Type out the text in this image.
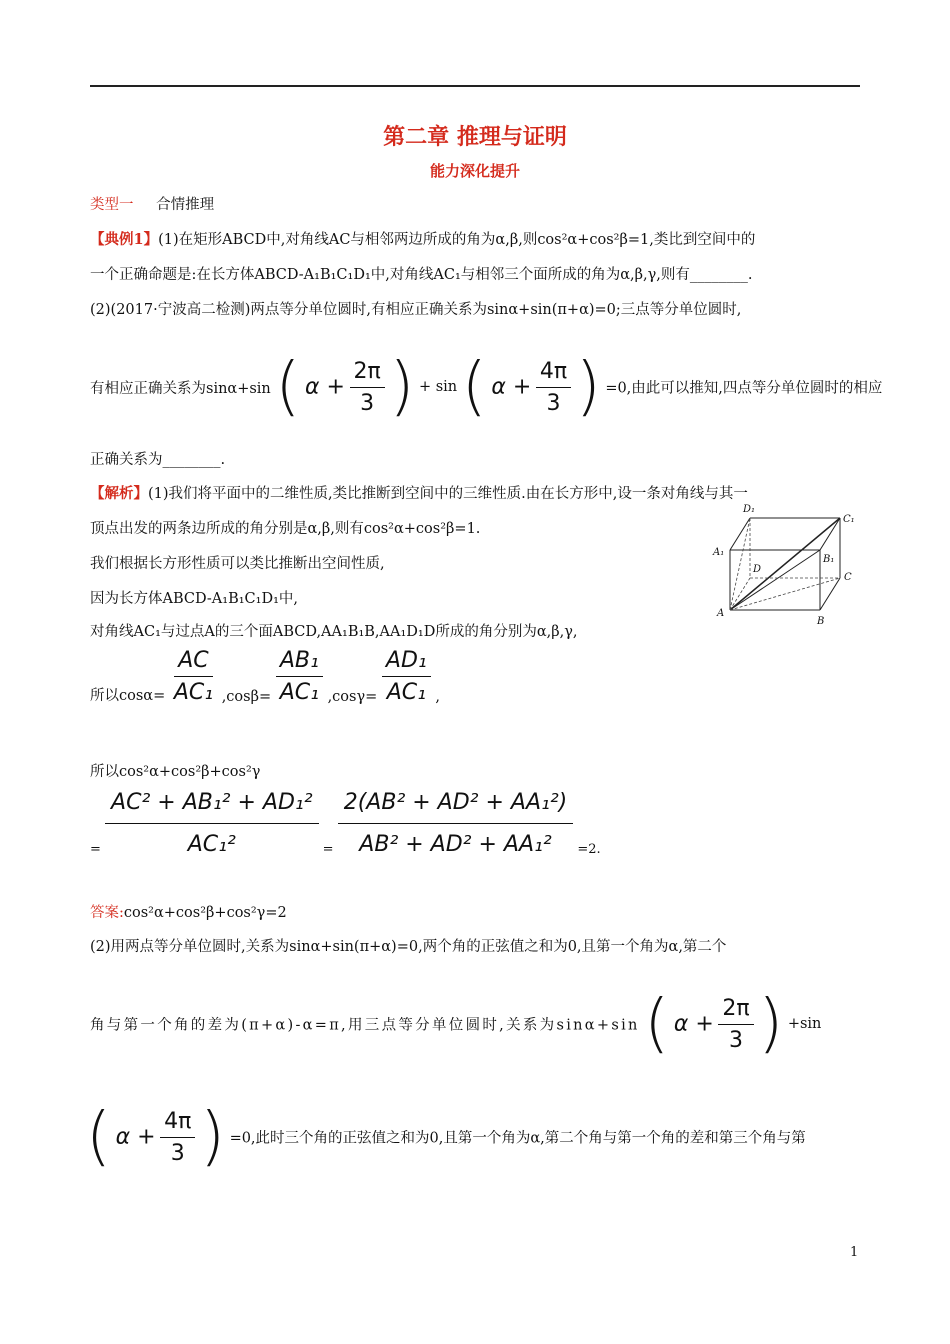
第二章 推理与证明
能力深化提升
类型一 合情推理
【典例1】(1)在矩形ABCD中,对角线AC与相邻两边所成的角为α,β,则cos²α+cos²β=1,类比到空间中的
一个正确命题是:在长方体ABCD-A₁B₁C₁D₁中,对角线AC₁与相邻三个面所成的角为α,β,γ,则有________.
(2)(2017·宁波高二检测)两点等分单位圆时,有相应正确关系为sinα+sin(π+α)=0;三点等分单位圆时,
有相应正确关系为sinα+sin ( $\alpha + \frac{2\pi}{3}$ ) + sin ( $\alpha + \frac{4\pi}{3}$ ) =0,由此可以推知,四点等分单位圆时的相应
正确关系为________.
【解析】(1)我们将平面中的二维性质,类比推断到空间中的三维性质.由在长方形中,设一条对角线与其一
顶点出发的两条边所成的角分别是α,β,则有cos²α+cos²β=1.
我们根据长方形性质可以类比推断出空间性质,
因为长方体ABCD-A₁B₁C₁D₁中,
对角线AC₁与过点A的三个面ABCD,AA₁B₁B,AA₁D₁D所成的角分别为α,β,γ,
D₁
C₁
A₁
B₁
D
C
A
B
所以$\cos\alpha= \frac{AC}{\text{AC₁}} ,\cos\beta= \frac{\text{AB₁}}{\text{AC₁}} ,\cos\gamma= \frac{\text{AD₁}}{\text{AC₁}}$ ,
所以cos²α+cos²β+cos²γ
= $\frac{\text{AC² + AB₁² + AD₁²}}{\text{AC₁²}} = \frac{\text{2(AB² + AD² + AA₁²)}}{\text{AB² + AD² + AA₁²}} =2$.
答案:cos²α+cos²β+cos²γ=2
(2)用两点等分单位圆时,关系为sinα+sin(π+α)=0,两个角的正弦值之和为0,且第一个角为α,第二个
角与第一个角的差为(π+α)-α=π,用三点等分单位圆时,关系为sinα+sin ( $\alpha + \frac{2\pi}{3}$ ) +sin
( $\alpha + \frac{4\pi}{3}$ ) =0,此时三个角的正弦值之和为0,且第一个角为α,第二个角与第一个角的差和第三个角与第
1
